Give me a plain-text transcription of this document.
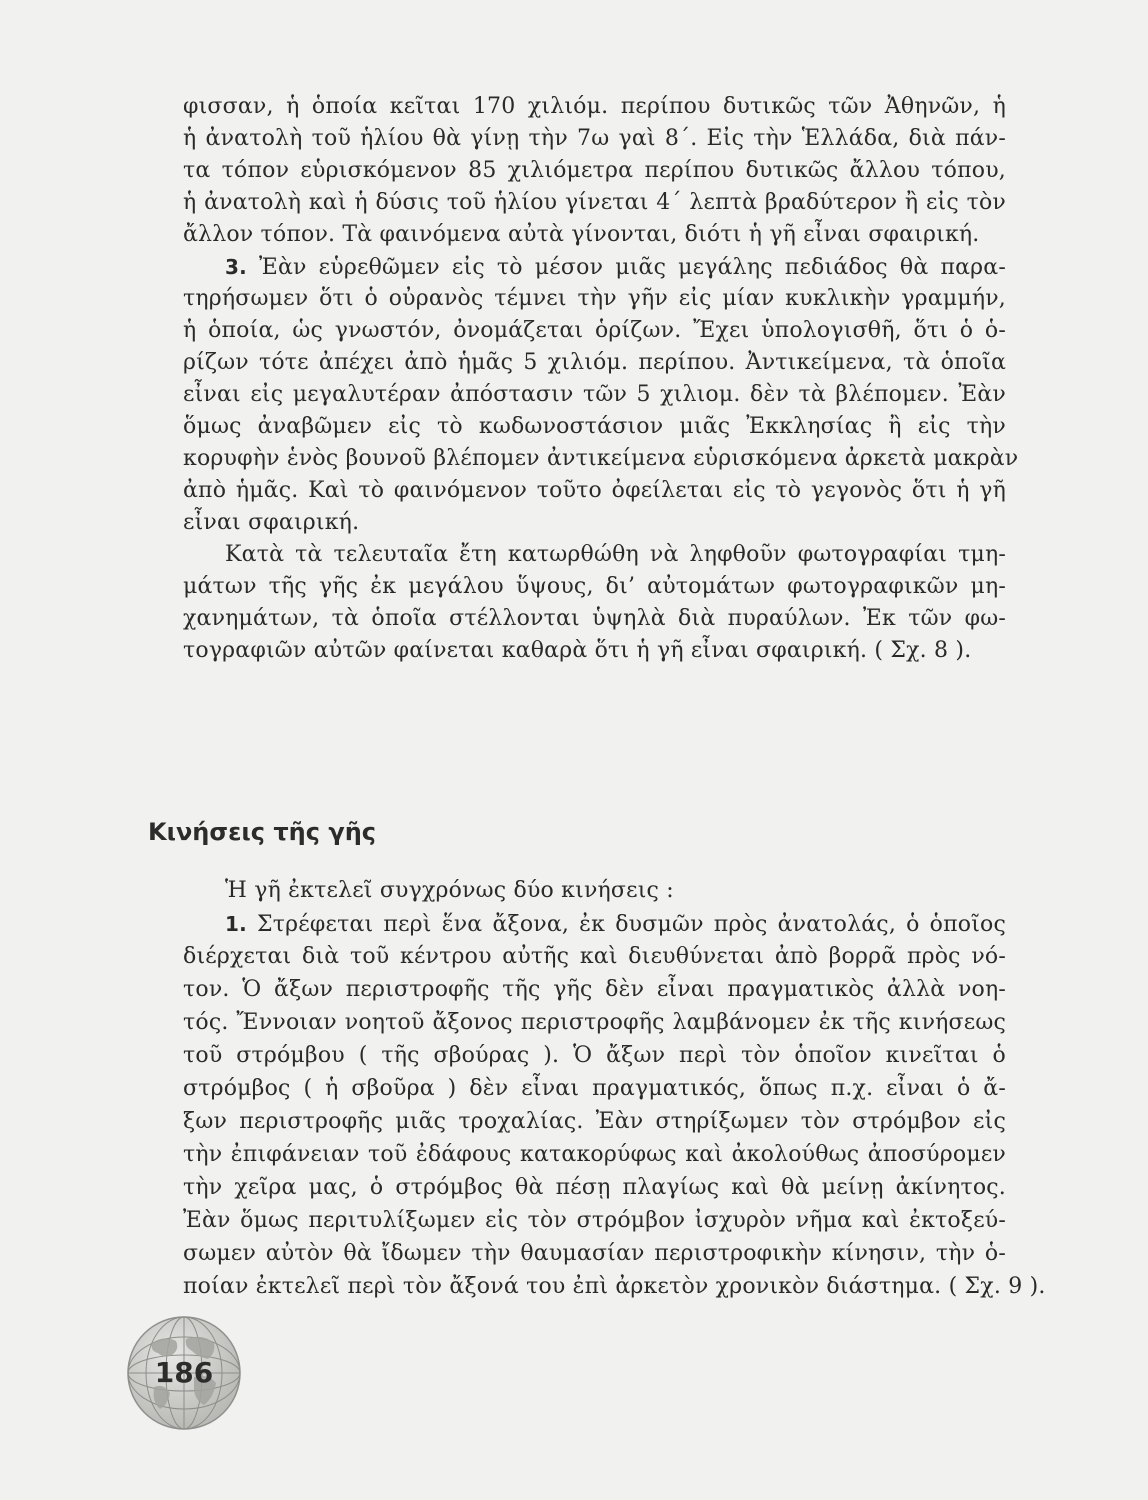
φισσαν, ἡ ὁποία κεῖται 170 χιλιόμ. περίπου δυτικῶς τῶν Ἀθηνῶν, ἡ
ἡ ἀνατολὴ τοῦ ἡλίου θὰ γίνῃ τὴν 7ω γαὶ 8΄. Εἰς τὴν Ἑλλάδα, διὰ πάν-
τα τόπον εὑρισκόμενον 85 χιλιόμετρα περίπου δυτικῶς ἄλλου τόπου,
ἡ ἀνατολὴ καὶ ἡ δύσις τοῦ ἡλίου γίνεται 4΄ λεπτὰ βραδύτερον ἢ εἰς τὸν
ἄλλον τόπον. Τὰ φαινόμενα αὐτὰ γίνονται, διότι ἡ γῆ εἶναι σφαιρική.
3. Ἐὰν εὑρεθῶμεν εἰς τὸ μέσον μιᾶς μεγάλης πεδιάδος θὰ παρα-
τηρήσωμεν ὅτι ὁ οὐρανὸς τέμνει τὴν γῆν εἰς μίαν κυκλικὴν γραμμήν,
ἡ ὁποία, ὡς γνωστόν, ὀνομάζεται ὁρίζων. Ἔχει ὑπολογισθῆ, ὅτι ὁ ὁ-
ρίζων τότε ἀπέχει ἀπὸ ἡμᾶς 5 χιλιόμ. περίπου. Ἀντικείμενα, τὰ ὁποῖα
εἶναι εἰς μεγαλυτέραν ἀπόστασιν τῶν 5 χιλιομ. δὲν τὰ βλέπομεν. Ἐὰν
ὅμως ἀναβῶμεν εἰς τὸ κωδωνοστάσιον μιᾶς Ἐκκλησίας ἢ εἰς τὴν
κορυφὴν ἑνὸς βουνοῦ βλέπομεν ἀντικείμενα εὑρισκόμενα ἀρκετὰ μακρὰν
ἀπὸ ἡμᾶς. Καὶ τὸ φαινόμενον τοῦτο ὀφείλεται εἰς τὸ γεγονὸς ὅτι ἡ γῆ
εἶναι σφαιρική.
Κατὰ τὰ τελευταῖα ἔτη κατωρθώθη νὰ ληφθοῦν φωτογραφίαι τμη-
μάτων τῆς γῆς ἐκ μεγάλου ὕψους, δι’ αὐτομάτων φωτογραφικῶν μη-
χανημάτων, τὰ ὁποῖα στέλλονται ὑψηλὰ διὰ πυραύλων. Ἐκ τῶν φω-
τογραφιῶν αὐτῶν φαίνεται καθαρὰ ὅτι ἡ γῆ εἶναι σφαιρική. ( Σχ. 8 ).
Κινήσεις τῆς γῆς
Ἡ γῆ ἐκτελεῖ συγχρόνως δύο κινήσεις :
1. Στρέφεται περὶ ἕνα ἄξονα, ἐκ δυσμῶν πρὸς ἀνατολάς, ὁ ὁποῖος
διέρχεται διὰ τοῦ κέντρου αὐτῆς καὶ διευθύνεται ἀπὸ βορρᾶ πρὸς νό-
τον. Ὁ ἄξων περιστροφῆς τῆς γῆς δὲν εἶναι πραγματικὸς ἀλλὰ νοη-
τός. Ἔννοιαν νοητοῦ ἄξονος περιστροφῆς λαμβάνομεν ἐκ τῆς κινήσεως
τοῦ στρόμβου ( τῆς σβούρας ). Ὁ ἄξων περὶ τὸν ὁποῖον κινεῖται ὁ
στρόμβος ( ἡ σβοῦρα ) δὲν εἶναι πραγματικός, ὅπως π.χ. εἶναι ὁ ἄ-
ξων περιστροφῆς μιᾶς τροχαλίας. Ἐὰν στηρίξωμεν τὸν στρόμβον εἰς
τὴν ἐπιφάνειαν τοῦ ἐδάφους κατακορύφως καὶ ἀκολούθως ἀποσύρομεν
τὴν χεῖρα μας, ὁ στρόμβος θὰ πέσῃ πλαγίως καὶ θὰ μείνῃ ἀκίνητος.
Ἐὰν ὅμως περιτυλίξωμεν εἰς τὸν στρόμβον ἰσχυρὸν νῆμα καὶ ἐκτοξεύ-
σωμεν αὐτὸν θὰ ἴδωμεν τὴν θαυμασίαν περιστροφικὴν κίνησιν, τὴν ὁ-
ποίαν ἐκτελεῖ περὶ τὸν ἄξονά του ἐπὶ ἀρκετὸν χρονικὸν διάστημα. ( Σχ. 9 ).
186
